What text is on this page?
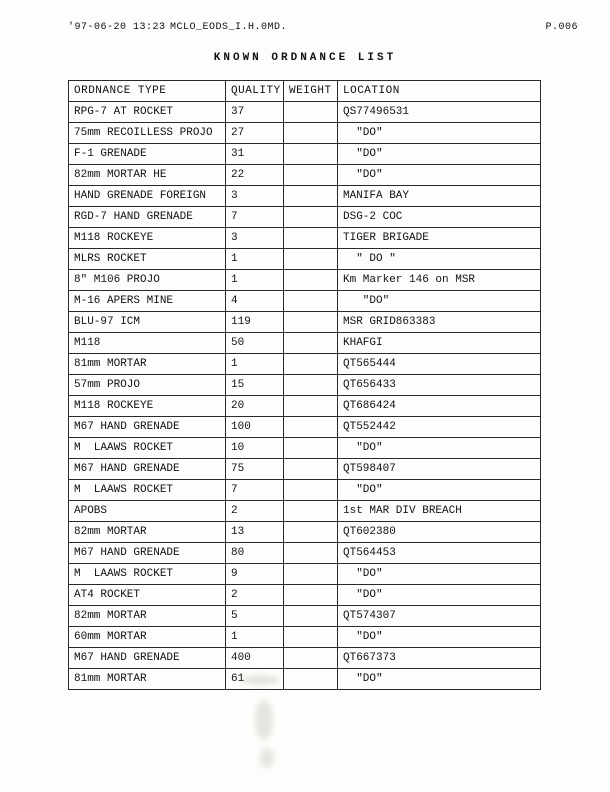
'97-06-20 13:23 MCLO_EODS_I.H.0MD.	P.006
KNOWN ORDNANCE LIST
ORDNANCE TYPE	QUALITY	WEIGHT	LOCATION
RPG-7 AT ROCKET	37		QS77496531
75mm RECOILLESS PROJO	27		"DO"
F-1 GRENADE	31		"DO"
82mm MORTAR HE	22		"DO"
HAND GRENADE FOREIGN	3		MANIFA BAY
RGD-7 HAND GRENADE	7		DSG-2 COC
M118 ROCKEYE	3		TIGER BRIGADE
MLRS ROCKET	1		" DO "
8" M106 PROJO	1		Km Marker 146 on MSR
M-16 APERS MINE	4		"DO"
BLU-97 ICM	119		MSR GRID863383
M118	50		KHAFGI
81mm MORTAR	1		QT565444
57mm PROJO	15		QT656433
M118 ROCKEYE	20		QT686424
M67 HAND GRENADE	100		QT552442
M  LAAWS ROCKET	10		"DO"
M67 HAND GRENADE	75		QT598407
M  LAAWS ROCKET	7		"DO"
APOBS	2		1st MAR DIV BREACH
82mm MORTAR	13		QT602380
M67 HAND GRENADE	80		QT564453
M  LAAWS ROCKET	9		"DO"
AT4 ROCKET	2		"DO"
82mm MORTAR	5		QT574307
60mm MORTAR	1		"DO"
M67 HAND GRENADE	400		QT667373
81mm MORTAR	61		"DO"
